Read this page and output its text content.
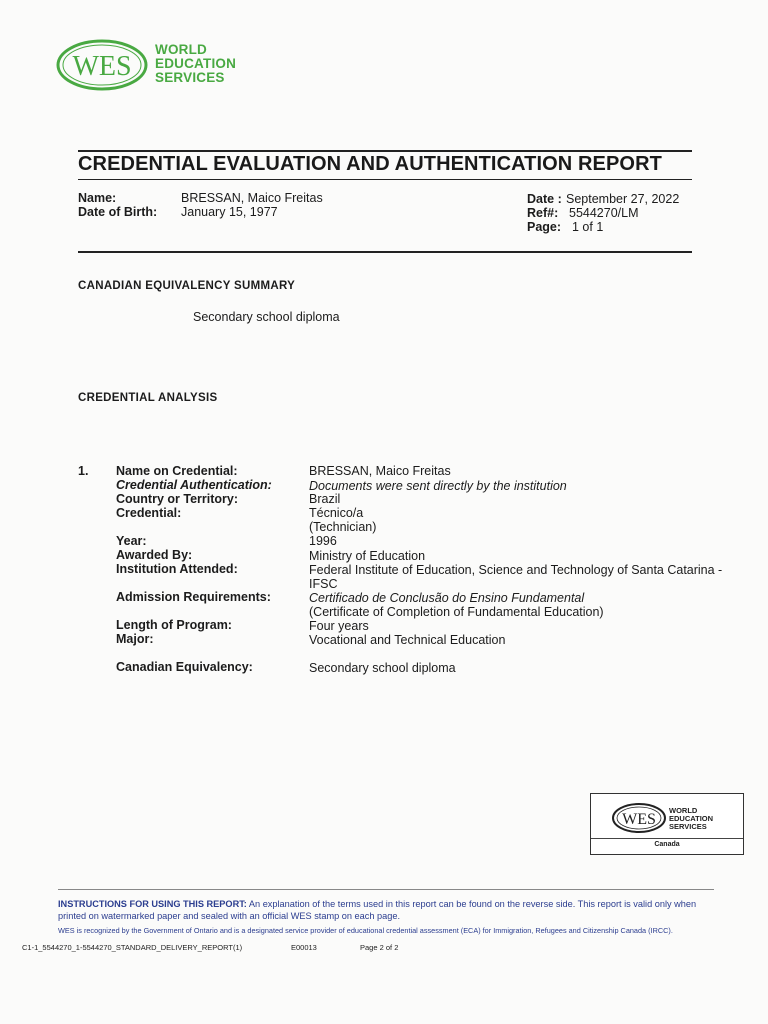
WES
WORLD
EDUCATION
SERVICES
CREDENTIAL EVALUATION AND AUTHENTICATION REPORT
Name:	BRESSAN, Maico Freitas
Date of Birth: January 15, 1977
Date : September 27, 2022
Ref#: 5544270/LM
Page: 1 of 1
CANADIAN EQUIVALENCY SUMMARY
Secondary school diploma
CREDENTIAL ANALYSIS
1. Name on Credential:	BRESSAN, Maico Freitas
Credential Authentication:	Documents were sent directly by the institution
Country or Territory:	Brazil
Credential:	Técnico/a
(Technician)
Year:	1996
Awarded By:	Ministry of Education
Institution Attended:	Federal Institute of Education, Science and Technology of Santa Catarina -
IFSC
Admission Requirements:	Certificado de Conclusão do Ensino Fundamental
(Certificate of Completion of Fundamental Education)
Length of Program:	Four years
Major:	Vocational and Technical Education
Canadian Equivalency:	Secondary school diploma
WES
WORLD
EDUCATION
SERVICES
Canada
INSTRUCTIONS FOR USING THIS REPORT: An explanation of the terms used in this report can be found on the reverse side. This report is valid only when printed on watermarked paper and sealed with an official WES stamp on each page.
WES is recognized by the Government of Ontario and is a designated service provider of educational credential assessment (ECA) for Immigration, Refugees and Citizenship Canada (IRCC).
C1-1_5544270_1-5544270_STANDARD_DELIVERY_REPORT(1)	E00013	Page 2 of 2
